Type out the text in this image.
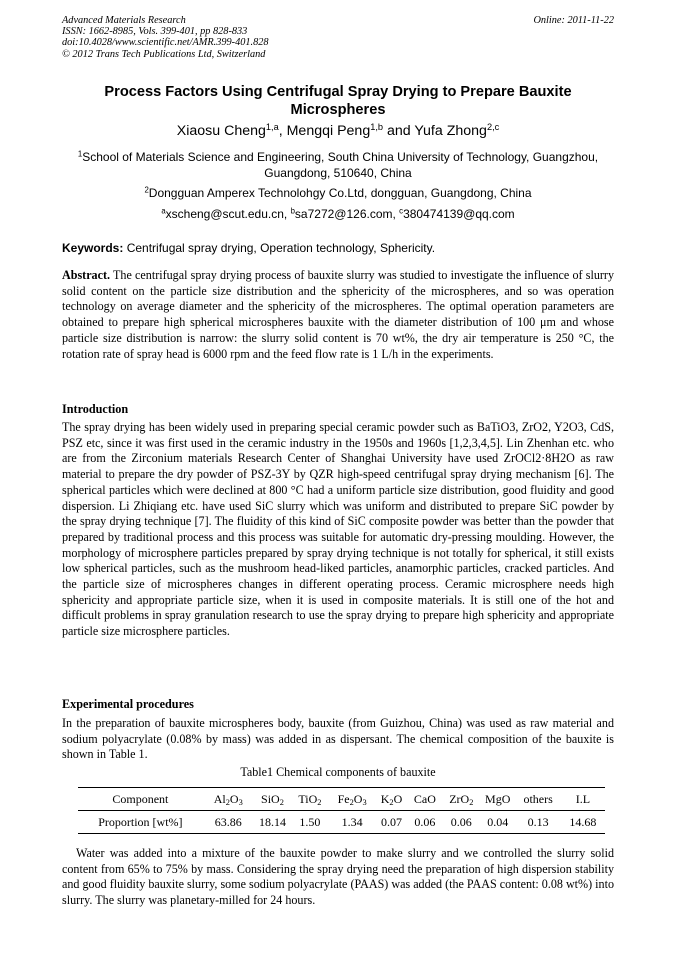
Advanced Materials Research
ISSN: 1662-8985, Vols. 399-401, pp 828-833
doi:10.4028/www.scientific.net/AMR.399-401.828
© 2012 Trans Tech Publications Ltd, Switzerland
Online: 2011-11-22
Process Factors Using Centrifugal Spray Drying to Prepare Bauxite
Microspheres
Xiaosu Cheng$^{1,a}$, Mengqi Peng$^{1,b}$ and Yufa Zhong$^{2,c}$
$^1$School of Materials Science and Engineering, South China University of Technology, Guangzhou,
Guangdong, 510640, China
$^2$Dongguan Amperex Technolohgy Co.Ltd, dongguan, Guangdong, China
$^a$xscheng@scut.edu.cn, $^b$sa7272@126.com, $^c$380474139@qq.com
Keywords: Centrifugal spray drying, Operation technology, Sphericity.
Abstract. The centrifugal spray drying process of bauxite slurry was studied to investigate the influence of slurry solid content on the particle size distribution and the sphericity of the microspheres, and so was operation technology on average diameter and the sphericity of the microspheres. The optimal operation parameters are obtained to prepare high spherical microspheres bauxite with the diameter distribution of 100 μm and whose particle size distribution is narrow: the slurry solid content is 70 wt%, the dry air temperature is 250 °C, the rotation rate of spray head is 6000 rpm and the feed flow rate is 1 L/h in the experiments.
Introduction
The spray drying has been widely used in preparing special ceramic powder such as BaTiO3, ZrO2, Y2O3, CdS, PSZ etc, since it was first used in the ceramic industry in the 1950s and 1960s [1,2,3,4,5]. Lin Zhenhan etc. who are from the Zirconium materials Research Center of Shanghai University have used ZrOCl2·8H2O as raw material to prepare the dry powder of PSZ-3Y by QZR high-speed centrifugal spray drying mechanism [6]. The spherical particles which were declined at 800 °C had a uniform particle size distribution, good fluidity and good dispersion. Li Zhiqiang etc. have used SiC slurry which was uniform and distributed to prepare SiC powder by the spray drying technique [7]. The fluidity of this kind of SiC composite powder was better than the powder that prepared by traditional process and this process was suitable for automatic dry-pressing moulding. However, the morphology of microsphere particles prepared by spray drying technique is not totally for spherical, it still exists low spherical particles, such as the mushroom head-liked particles, anamorphic particles, cracked particles. And the particle size of microspheres changes in different operating process. Ceramic microsphere needs high sphericity and appropriate particle size, when it is used in composite materials. It is still one of the hot and difficult problems in spray granulation research to use the spray drying to prepare high sphericity and appropriate particle size microsphere particles.
Experimental procedures
In the preparation of bauxite microspheres body, bauxite (from Guizhou, China) was used as raw material and sodium polyacrylate (0.08% by mass) was added in as dispersant. The chemical composition of the bauxite is shown in Table 1.
Table1 Chemical components of bauxite
Component	$Al_2O_3$	SiO$_2$	TiO$_2$	$Fe_2O_3$	$K_2O$	CaO	ZrO$_2$	MgO	others	I.L
Proportion [wt%]	63.86	18.14	1.50	1.34	0.07	0.06	0.06	0.04	0.13	14.68
Water was added into a mixture of the bauxite powder to make slurry and we controlled the slurry solid content from 65% to 75% by mass. Considering the spray drying need the preparation of high dispersion stability and good fluidity bauxite slurry, some sodium polyacrylate (PAAS) was added (the PAAS content: 0.08 wt%) into slurry. The slurry was planetary-milled for 24 hours.
